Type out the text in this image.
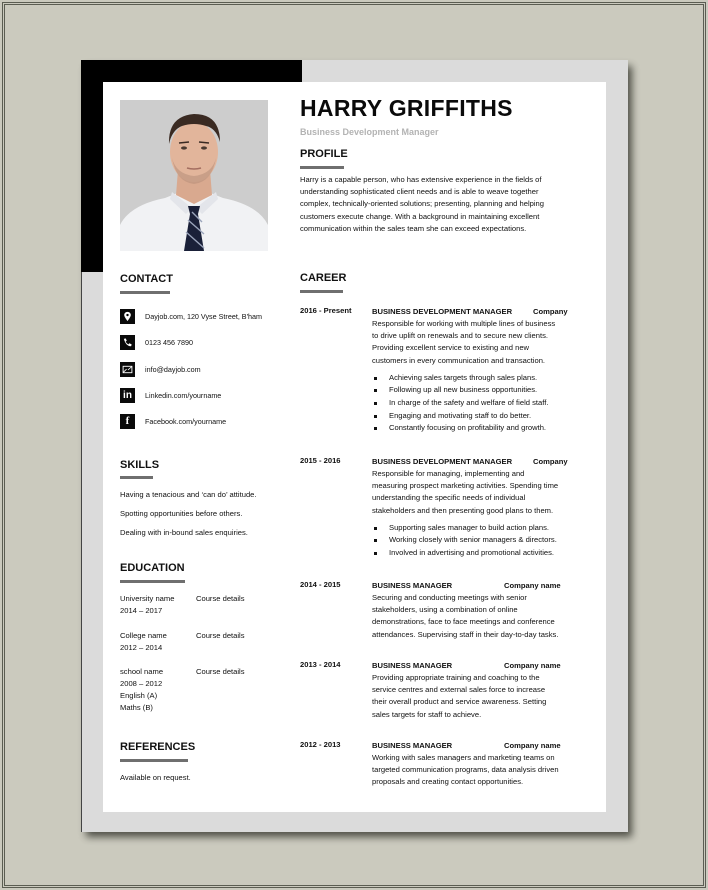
HARRY GRIFFITHS
Business Development Manager
PROFILE
Harry is a capable person, who has extensive experience in the fields of
understanding sophisticated client needs and is able to weave together
complex, technically-oriented solutions; presenting, planning and helping
customers execute change. With a background in maintaining excellent
communication within the sales team she can exceed expectations.
CONTACT
Dayjob.com, 120 Vyse Street, B'ham
0123 456 7890
info@dayjob.com
in	Linkedin.com/yourname
f	Facebook.com/yourname
SKILLS
Having a tenacious and ‘can do’ attitude.
Spotting opportunities before others.
Dealing with in-bound sales enquiries.
EDUCATION
University name
2014 – 2017
Course details
College name
2012 – 2014
Course details
school name
2008 – 2012
English (A)
Maths (B)
Course details
REFERENCES
Available on request.
CAREER
2016 - Present	BUSINESS DEVELOPMENT MANAGER	Company
Responsible for working with multiple lines of business
to drive uplift on renewals and to secure new clients.
Providing excellent service to existing and new
customers in every communication and transaction.
Achieving sales targets through sales plans.
Following up all new business opportunities.
In charge of the safety and welfare of field staff.
Engaging and motivating staff to do better.
Constantly focusing on profitability and growth.
2015 - 2016	BUSINESS DEVELOPMENT MANAGER	Company
Responsible for managing, implementing and
measuring prospect marketing activities. Spending time
understanding the specific needs of individual
stakeholders and then presenting good plans to them.
Supporting sales manager to build action plans.
Working closely with senior managers & directors.
Involved in advertising and promotional activities.
2014 - 2015	BUSINESS MANAGER	Company name
Securing and conducting meetings with senior
stakeholders, using a combination of online
demonstrations, face to face meetings and conference
attendances. Supervising staff in their day-to-day tasks.
2013 - 2014	BUSINESS MANAGER	Company name
Providing appropriate training and coaching to the
service centres and external sales force to increase
their overall product and service awareness. Setting
sales targets for staff to achieve.
2012 - 2013	BUSINESS MANAGER	Company name
Working with sales managers and marketing teams on
targeted communication programs, data analysis driven
proposals and creating contact opportunities.
